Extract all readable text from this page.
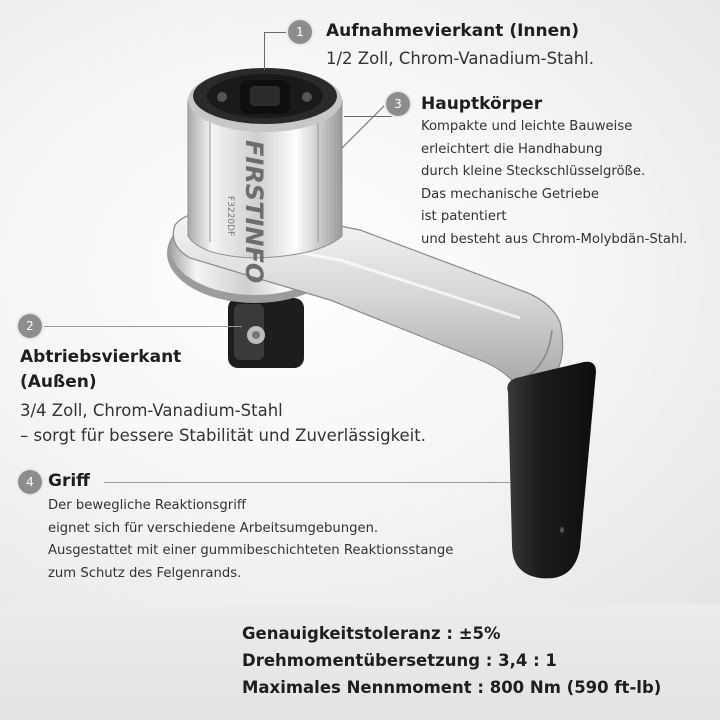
FIRSTINFO
F3220DF
1	Aufnahmevierkant (Innen)
1/2 Zoll, Chrom-Vanadium-Stahl.
3	Hauptkörper
Kompakte und leichte Bauweise
erleichtert die Handhabung
durch kleine Steckschlüsselgröße.
Das mechanische Getriebe
ist patentiert
und besteht aus Chrom-Molybdän-Stahl.
2
Abtriebsvierkant
(Außen)
3/4 Zoll, Chrom-Vanadium-Stahl
– sorgt für bessere Stabilität und Zuverlässigkeit.
4 Griff
Der bewegliche Reaktionsgriff
eignet sich für verschiedene Arbeitsumgebungen.
Ausgestattet mit einer gummibeschichteten Reaktionsstange
zum Schutz des Felgenrands.
Genauigkeitstoleranz : ±5%
Drehmomentübersetzung : 3,4 : 1
Maximales Nennmoment : 800 Nm (590 ft-lb)
